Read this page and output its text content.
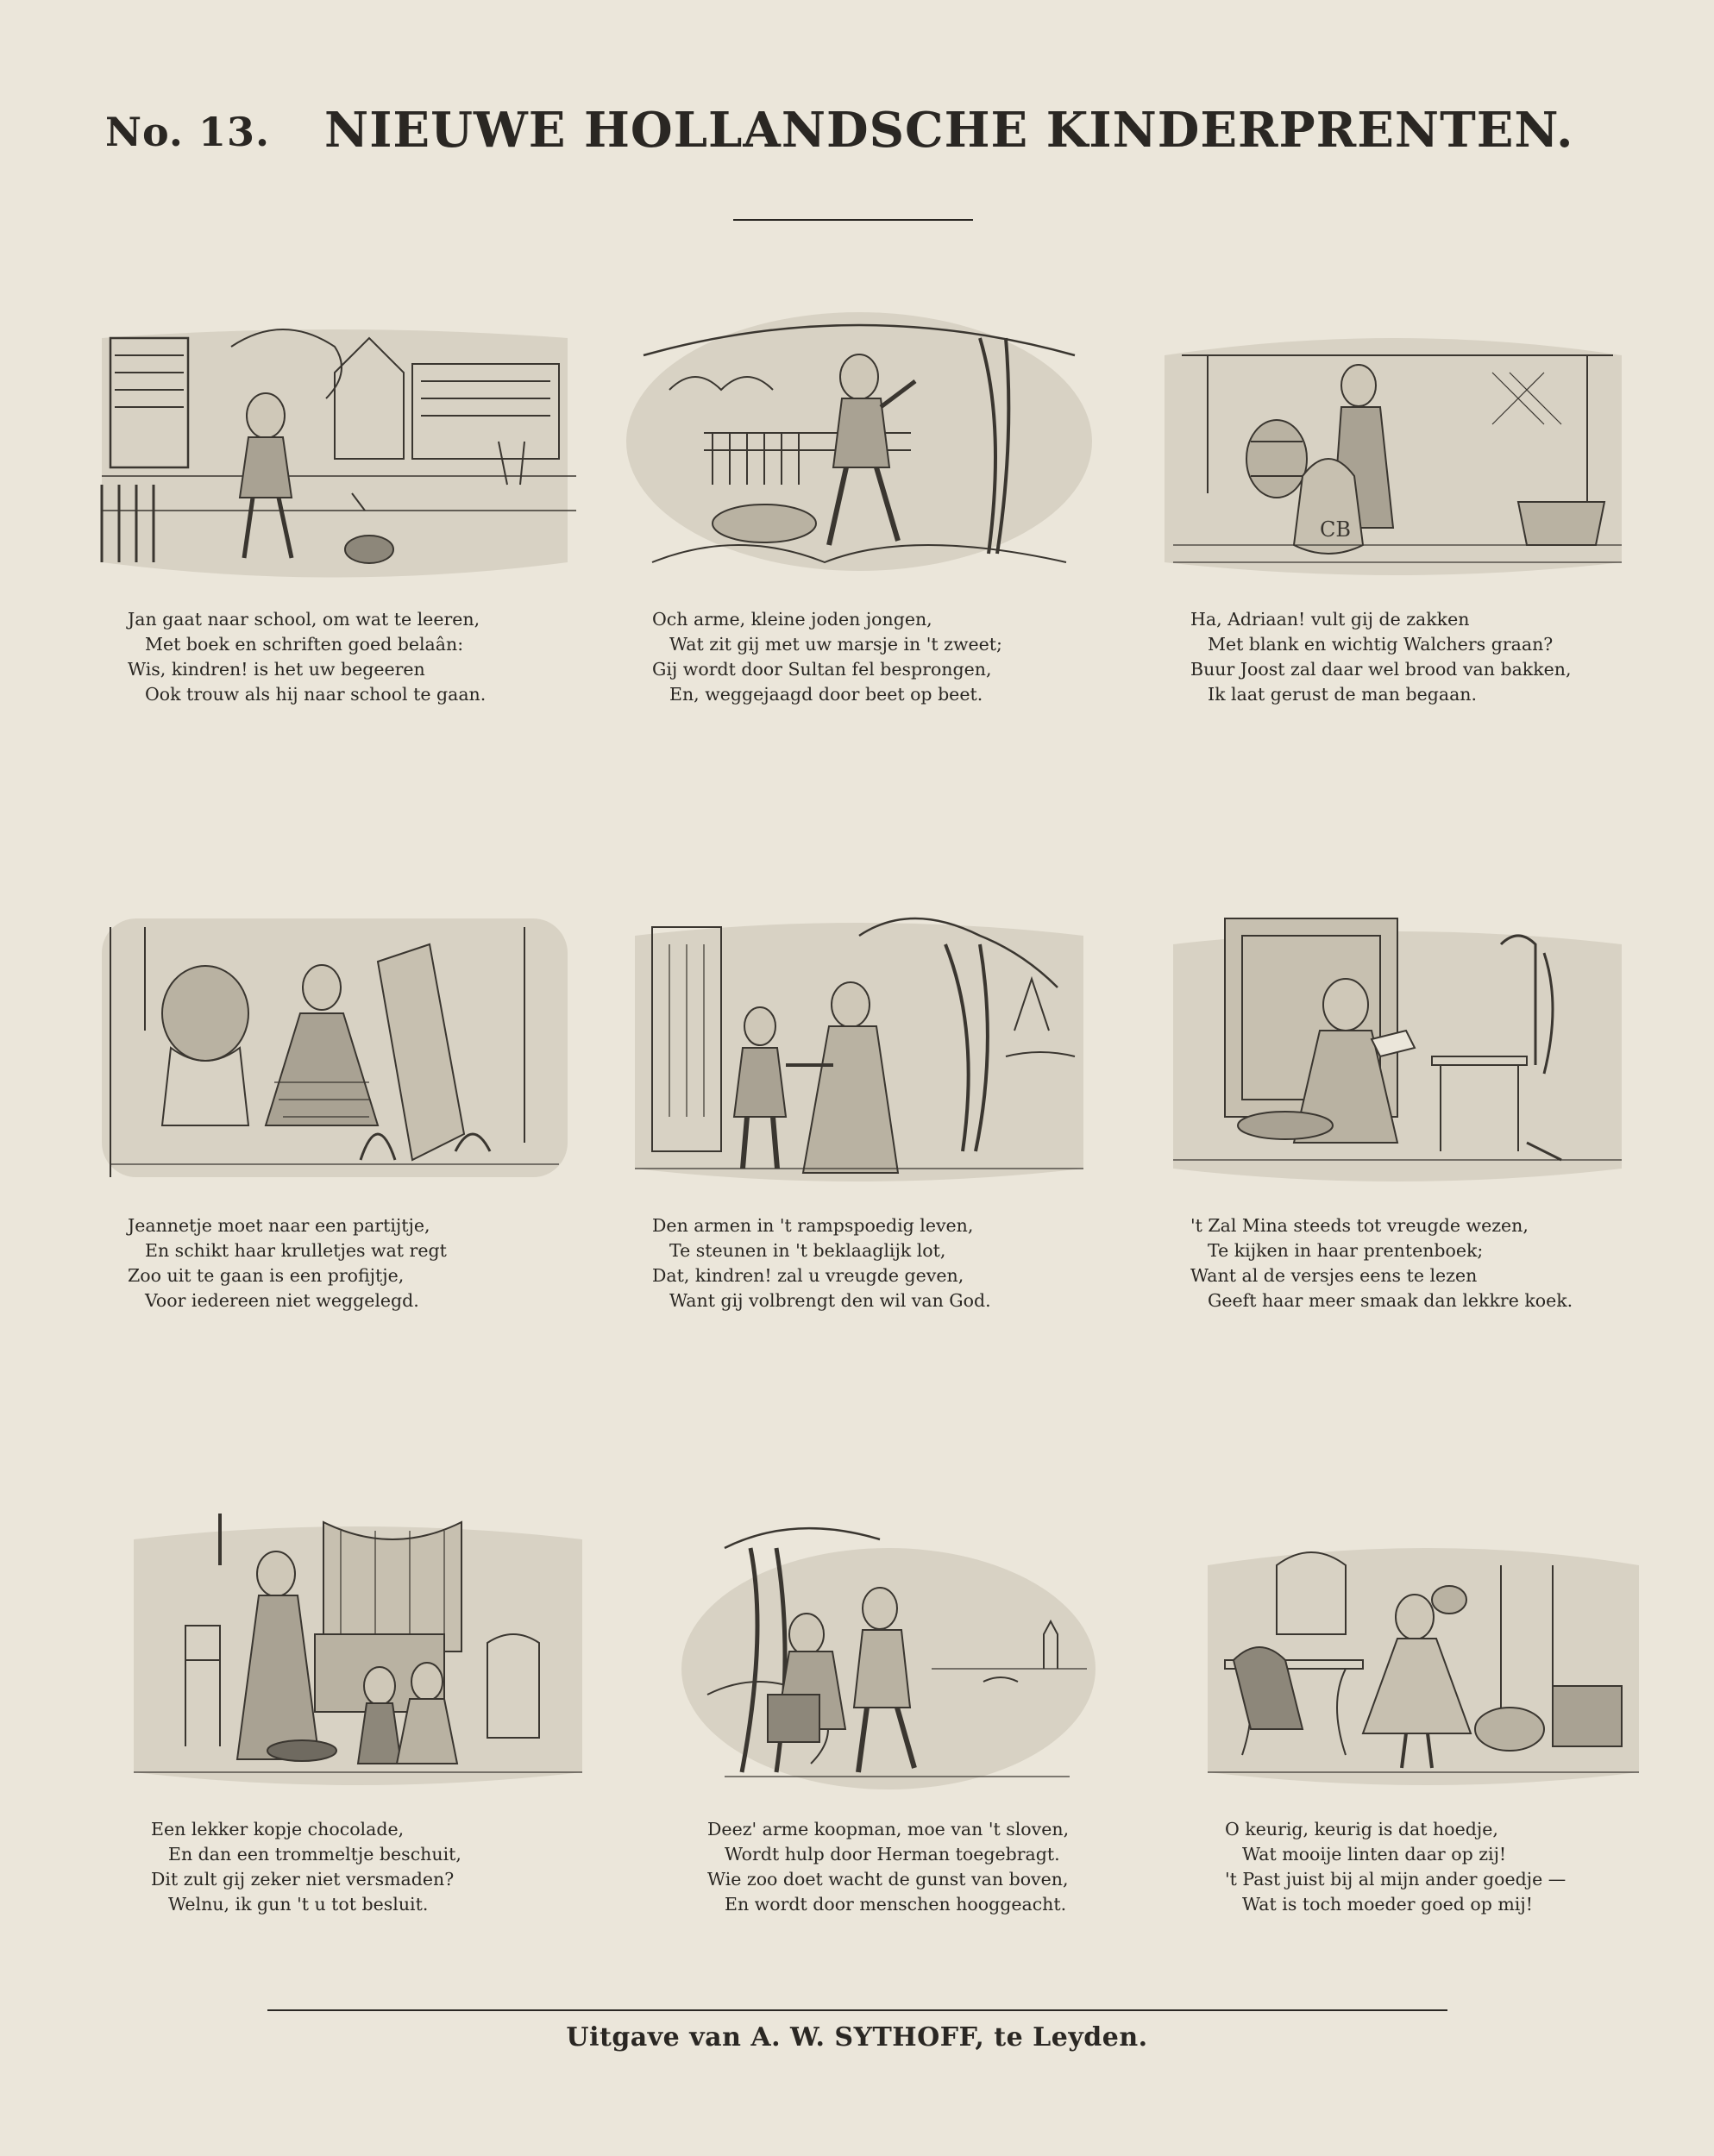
No. 13. NIEUWE HOLLANDSCHE KINDERPRENTEN.
Jan gaat naar school, om wat te leeren,
Met boek en schriften goed belaân:
Wis, kindren! is het uw begeeren
Ook trouw als hij naar school te gaan.
Och arme, kleine joden jongen,
Wat zit gij met uw marsje in 't zweet;
Gij wordt door Sultan fel besprongen,
En, weggejaagd door beet op beet.
CB
Ha, Adriaan! vult gij de zakken
Met blank en wichtig Walchers graan?
Buur Joost zal daar wel brood van bakken,
Ik laat gerust de man begaan.
Jeannetje moet naar een partijtje,
En schikt haar krulletjes wat regt
Zoo uit te gaan is een profijtje,
Voor iedereen niet weggelegd.
Den armen in 't rampspoedig leven,
Te steunen in 't beklaaglijk lot,
Dat, kindren! zal u vreugde geven,
Want gij volbrengt den wil van God.
't Zal Mina steeds tot vreugde wezen,
Te kijken in haar prentenboek;
Want al de versjes eens te lezen
Geeft haar meer smaak dan lekkre koek.
Een lekker kopje chocolade,
En dan een trommeltje beschuit,
Dit zult gij zeker niet versmaden?
Welnu, ik gun 't u tot besluit.
Deez' arme koopman, moe van 't sloven,
Wordt hulp door Herman toegebragt.
Wie zoo doet wacht de gunst van boven,
En wordt door menschen hooggeacht.
O keurig, keurig is dat hoedje,
Wat mooije linten daar op zij!
't Past juist bij al mijn ander goedje —
Wat is toch moeder goed op mij!
Uitgave van A. W. SYTHOFF, te Leyden.
